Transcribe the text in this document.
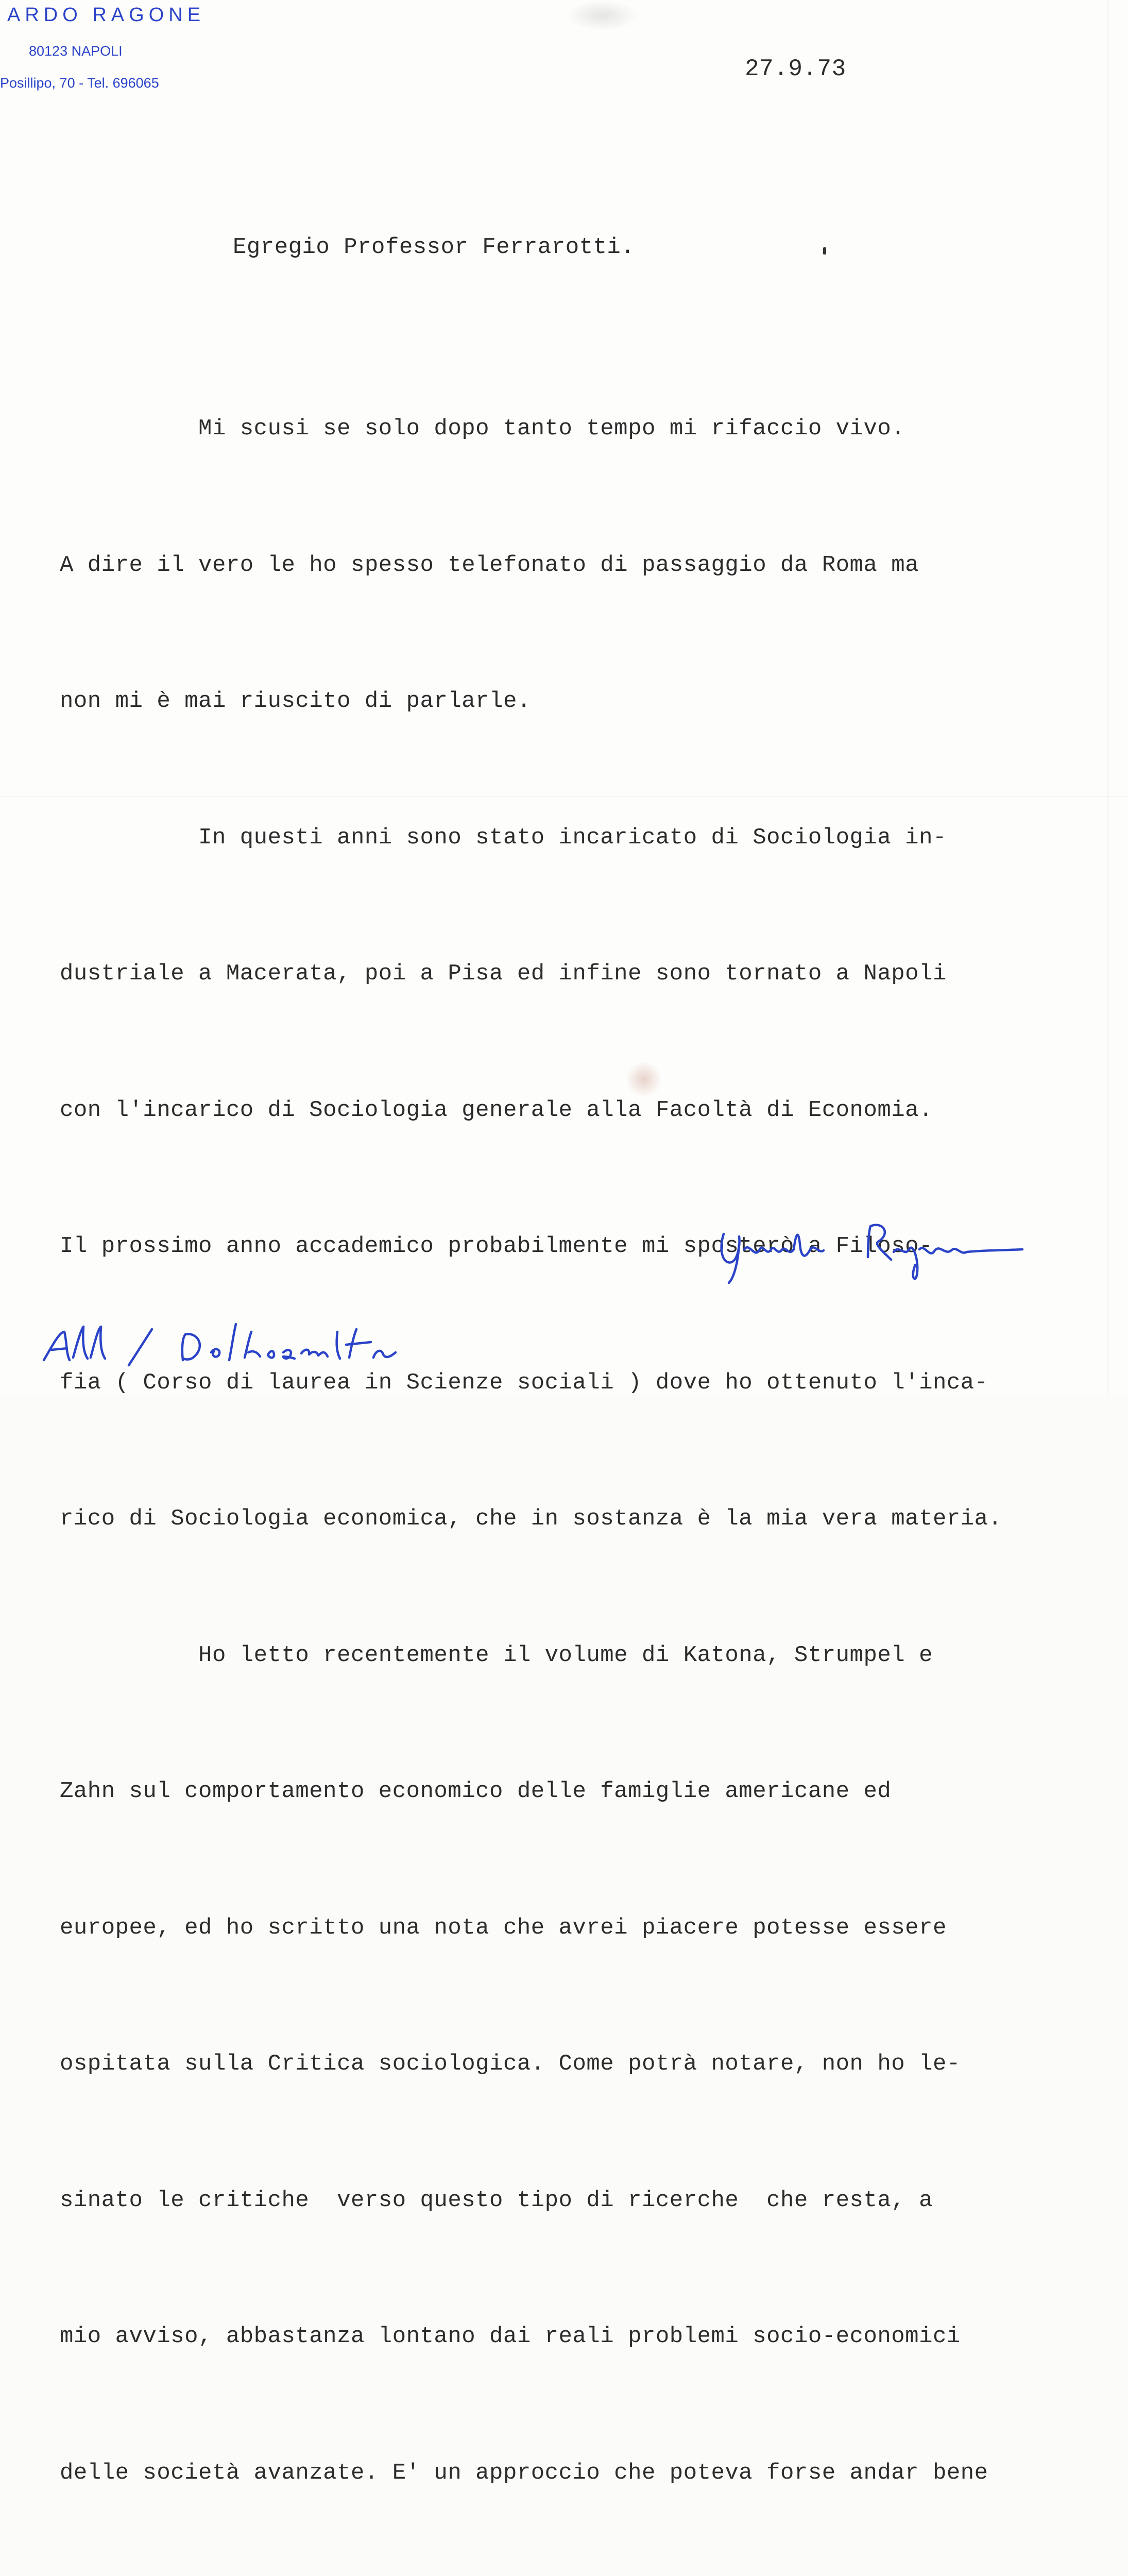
ARDO RAGONE
80123 NAPOLI
Posillipo, 70 - Tel. 696065
27.9.73
Egregio Professor Ferrarotti.

Mi scusi se solo dopo tanto tempo mi rifaccio vivo.

A dire il vero le ho spesso telefonato di passaggio da Roma ma

non mi è mai riuscito di parlarle.

In questi anni sono stato incaricato di Sociologia in-

dustriale a Macerata, poi a Pisa ed infine sono tornato a Napoli

con l'incarico di Sociologia generale alla Facoltà di Economia.

Il prossimo anno accademico probabilmente mi sposterò a Filoso-

fia ( Corso di laurea in Scienze sociali ) dove ho ottenuto l'inca-

rico di Sociologia economica, che in sostanza è la mia vera materia.

Ho letto recentemente il volume di Katona, Strumpel e

Zahn sul comportamento economico delle famiglie americane ed

europee, ed ho scritto una nota che avrei piacere potesse essere

ospitata sulla Critica sociologica. Come potrà notare, non ho le-

sinato le critiche  verso questo tipo di ricerche  che resta, a

mio avviso, abbastanza lontano dai reali problemi socio-economici

delle società avanzate. E' un approccio che poteva forse andar bene
